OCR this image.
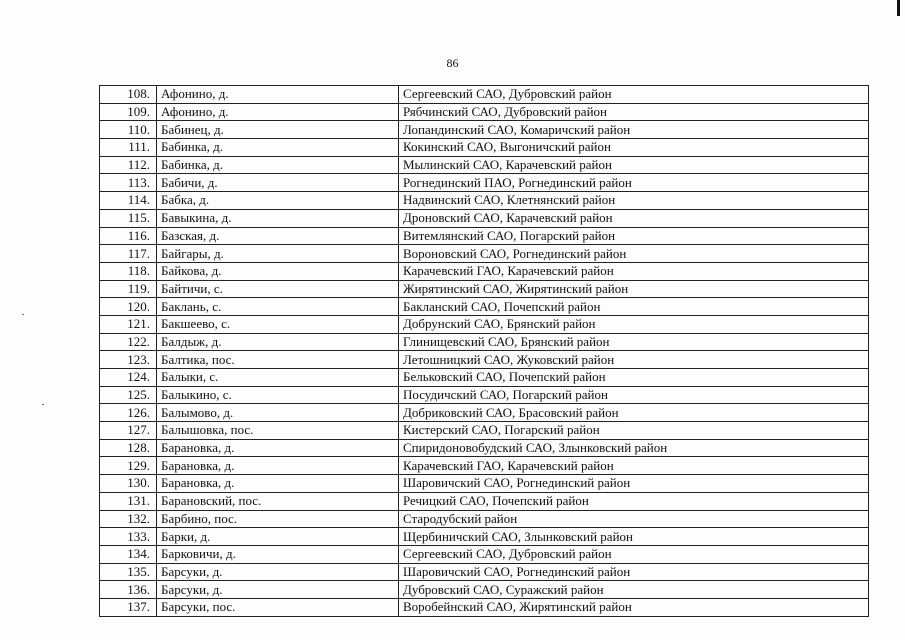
86
108.	Афонино, д.	Сергеевский САО, Дубровский район
109.	Афонино, д.	Рябчинский САО, Дубровский район
110.	Бабинец, д.	Лопандинский САО, Комаричский район
111.	Бабинка, д.	Кокинский САО, Выгоничский район
112.	Бабинка, д.	Мылинский САО, Карачевский район
113.	Бабичи, д.	Рогнединский ПАО, Рогнединский район
114.	Бабка, д.	Надвинский САО, Клетнянский район
115.	Бавыкина, д.	Дроновский САО, Карачевский район
116.	Базская, д.	Витемлянский САО, Погарский район
117.	Байгары, д.	Вороновский САО, Рогнединский район
118.	Байкова, д.	Карачевский ГАО, Карачевский район
119.	Байтичи, с.	Жирятинский САО, Жирятинский район
120.	Баклань, с.	Бакланский САО, Почепский район
121.	Бакшеево, с.	Добрунский САО, Брянский район
122.	Балдыж, д.	Глинищевский САО, Брянский район
123.	Балтика, пос.	Летошницкий САО, Жуковский район
124.	Балыки, с.	Бельковский САО, Почепский район
125.	Балыкино, с.	Посудичский САО, Погарский район
126.	Балымово, д.	Добриковский САО, Брасовский район
127.	Балышовка, пос.	Кистерский САО, Погарский район
128.	Барановка, д.	Спиридоновобудский САО, Злынковский район
129.	Барановка, д.	Карачевский ГАО, Карачевский район
130.	Барановка, д.	Шаровичский САО, Рогнединский район
131.	Барановский, пос.	Речицкий САО, Почепский район
132.	Барбино, пос.	Стародубский район
133.	Барки, д.	Щербиничский САО, Злынковский район
134.	Барковичи, д.	Сергеевский САО, Дубровский район
135.	Барсуки, д.	Шаровичский САО, Рогнединский район
136.	Барсуки, д.	Дубровский САО, Суражский район
137.	Барсуки, пос.	Воробейнский САО, Жирятинский район
